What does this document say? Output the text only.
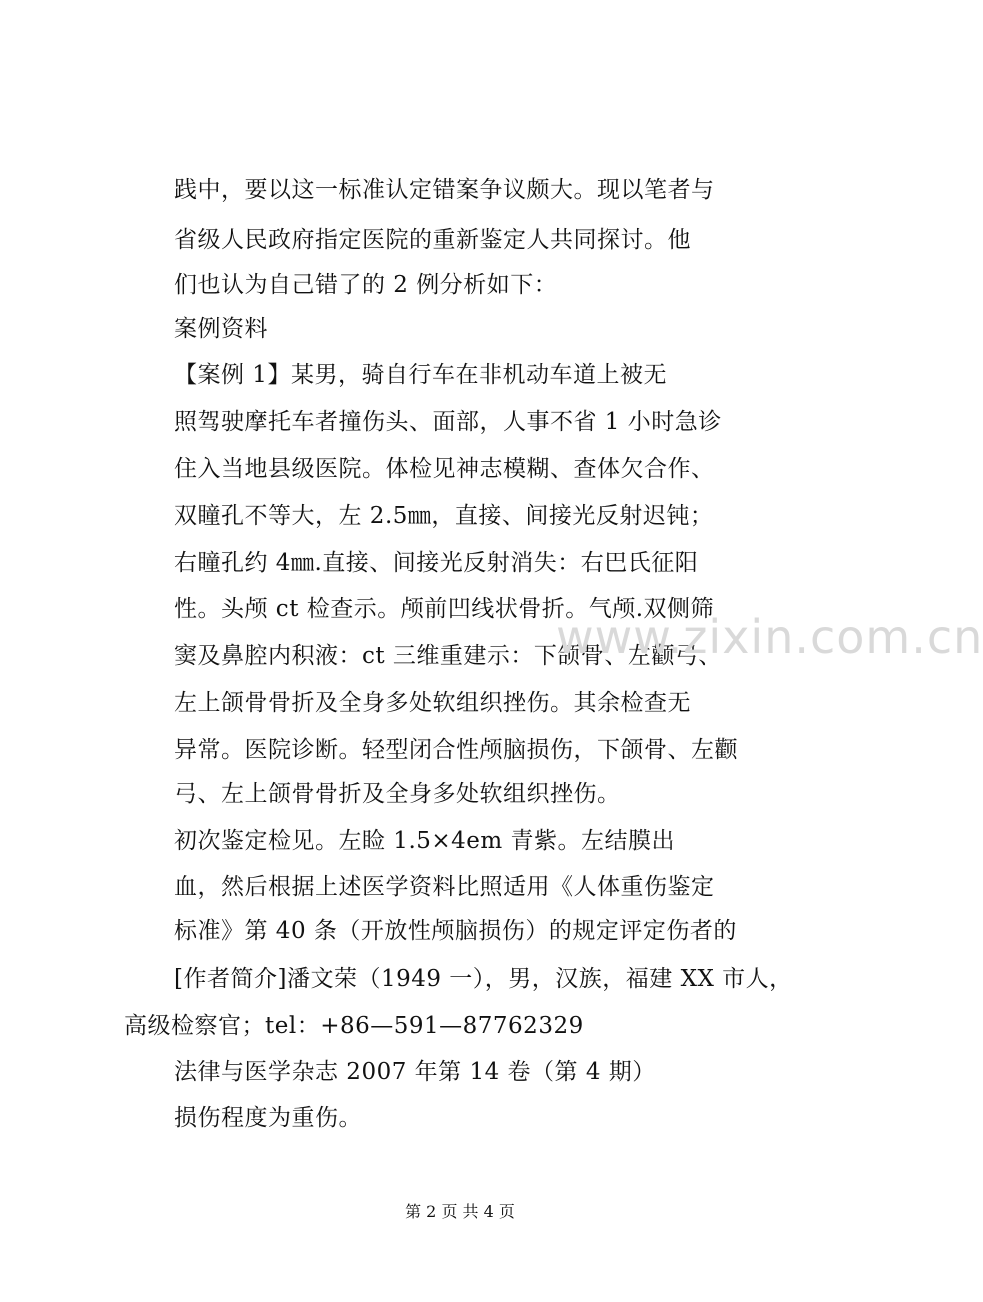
践中，要以这一标准认定错案争议颇大。现以笔者与
省级人民政府指定医院的重新鉴定人共同探讨。他
们也认为自己错了的 2 例分析如下：
案例资料
【案例 1】某男，骑自行车在非机动车道上被无
照驾驶摩托车者撞伤头、面部，人事不省 1 小时急诊
住入当地县级医院。体检见神志模糊、查体欠合作、
双瞳孔不等大，左 2.5㎜，直接、间接光反射迟钝；
右瞳孔约 4㎜.直接、间接光反射消失：右巴氏征阳
性。头颅 ct 检查示。颅前凹线状骨折。气颅.双侧筛
窦及鼻腔内积液：ct 三维重建示：下颌骨、左颧弓、
左上颌骨骨折及全身多处软组织挫伤。其余检查无
异常。医院诊断。轻型闭合性颅脑损伤，下颌骨、左颧
弓、左上颌骨骨折及全身多处软组织挫伤。
初次鉴定检见。左睑 1.5×4em 青紫。左结膜出
血，然后根据上述医学资料比照适用《人体重伤鉴定
标准》第 40 条（开放性颅脑损伤）的规定评定伤者的
[作者简介]潘文荣（1949 一），男，汉族，福建 XX 市人，
高级检察官；tel：+86—591—87762329
法律与医学杂志 2007 年第 14 卷（第 4 期）
损伤程度为重伤。
www.zixin.com.cn
第 2 页 共 4 页
